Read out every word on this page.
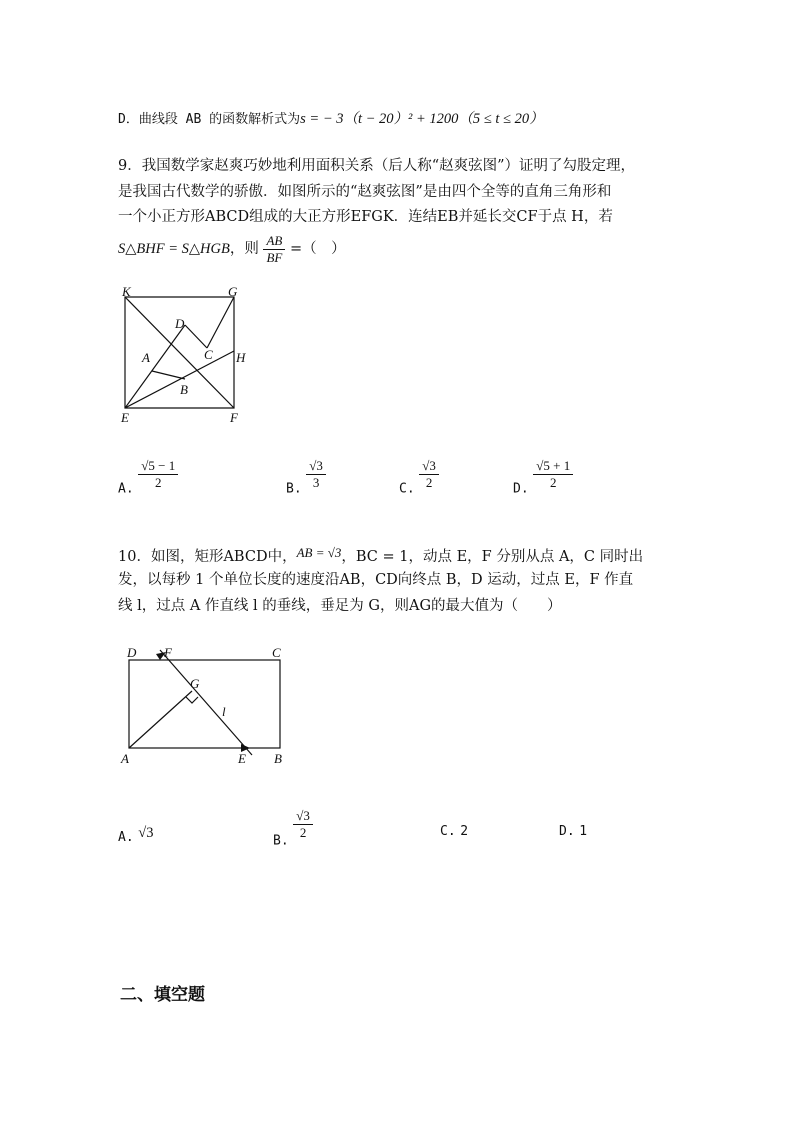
D．曲线段 AB 的函数解析式为s = − 3（t − 20）² + 1200（5 ≤ t ≤ 20）
9．我国数学家赵爽巧妙地利用面积关系（后人称“赵爽弦图”）证明了勾股定理，
是我国古代数学的骄傲．如图所示的“赵爽弦图”是由四个全等的直角三角形和
一个小正方形ABCD组成的大正方形EFGK．连结EB并延长交CF于点 H，若
S△BHF = S△HGB，则 $\frac{AB}{BF}$ =（　）
K	G
D
A	C H
B
E	F
A. $\frac{√5 - 1}{2}$	B. $\frac{√3}{3}$	C. $\frac{√3}{2}$	D. $\frac{√5 + 1}{2}$
10．如图，矩形ABCD中，AB = √3，BC = 1，动点 E，F 分别从点 A，C 同时出
发，以每秒 1 个单位长度的速度沿AB，CD向终点 B，D 运动，过点 E，F 作直
线 l，过点 A 作直线 l 的垂线，垂足为 G，则AG的最大值为（　　）
D F	C
G
l
A	E B
A. √3	B. $\frac{√3}{2}$	C. 2	D. 1
二、填空题
